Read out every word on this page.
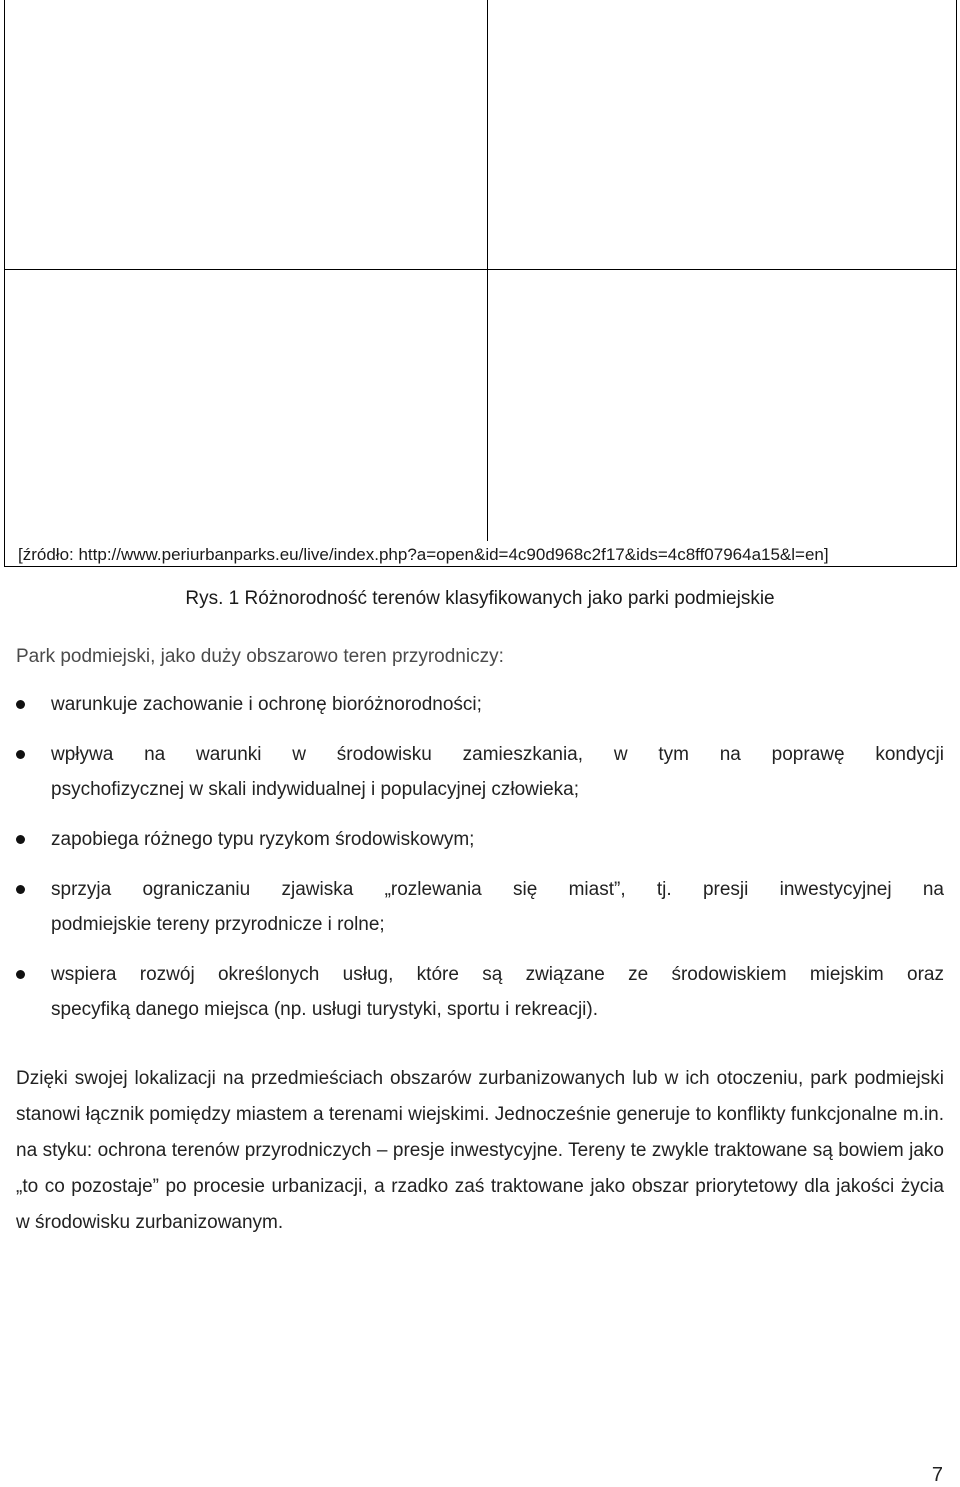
[źródło: http://www.periurbanparks.eu/live/index.php?a=open&id=4c90d968c2f17&ids=4c8ff07964a15&l=en]
Rys. 1 Różnorodność terenów klasyfikowanych jako parki podmiejskie
Park podmiejski, jako duży obszarowo teren przyrodniczy:
warunkuje zachowanie i ochronę bioróżnorodności;
wpływa na warunki w środowisku zamieszkania, w tym na poprawę kondycji
psychofizycznej w skali indywidualnej i populacyjnej człowieka;
zapobiega różnego typu ryzykom środowiskowym;
sprzyja ograniczaniu zjawiska „rozlewania się miast”, tj. presji inwestycyjnej na
podmiejskie tereny przyrodnicze i rolne;
wspiera rozwój określonych usług, które są związane ze środowiskiem miejskim oraz
specyfiką danego miejsca (np. usługi turystyki, sportu i rekreacji).

Dzięki swojej lokalizacji na przedmieściach obszarów zurbanizowanych lub w ich otoczeniu, park podmiejski stanowi łącznik pomiędzy miastem a terenami wiejskimi. Jednocześnie generuje to konflikty funkcjonalne m.in. na styku: ochrona terenów przyrodniczych – presje inwestycyjne. Tereny te zwykle traktowane są bowiem jako „to co pozostaje” po procesie urbanizacji, a rzadko zaś traktowane jako obszar priorytetowy dla jakości życia w środowisku zurbanizowanym.

7
